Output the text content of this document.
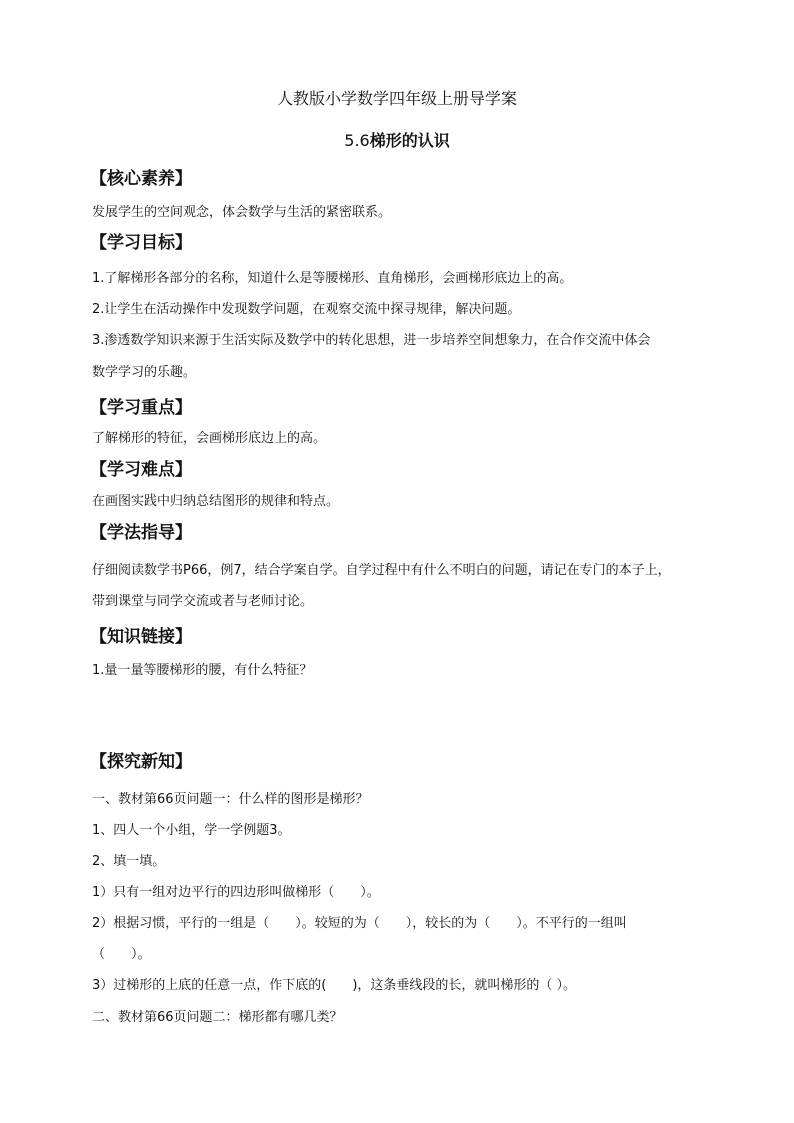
人教版小学数学四年级上册导学案
5.6梯形的认识
【核心素养】
发展学生的空间观念，体会数学与生活的紧密联系。
【学习目标】
1.了解梯形各部分的名称，知道什么是等腰梯形、直角梯形，会画梯形底边上的高。
2.让学生在活动操作中发现数学问题，在观察交流中探寻规律，解决问题。
3.渗透数学知识来源于生活实际及数学中的转化思想，进一步培养空间想象力，在合作交流中体会
数学学习的乐趣。
【学习重点】
了解梯形的特征，会画梯形底边上的高。
【学习难点】
在画图实践中归纳总结图形的规律和特点。
【学法指导】
仔细阅读数学书P66，例7，结合学案自学。自学过程中有什么不明白的问题，请记在专门的本子上，
带到课堂与同学交流或者与老师讨论。
【知识链接】
1.量一量等腰梯形的腰，有什么特征？
【探究新知】
一、教材第66页问题一：什么样的图形是梯形？
1、四人一个小组，学一学例题3。
2、填一填。
1）只有一组对边平行的四边形叫做梯形（　　）。
2）根据习惯，平行的一组是（　　）。较短的为（　　），较长的为（　　）。不平行的一组叫
（　　）。
3）过梯形的上底的任意一点，作下底的(　　)，这条垂线段的长，就叫梯形的（ ）。
二、教材第66页问题二：梯形都有哪几类？
